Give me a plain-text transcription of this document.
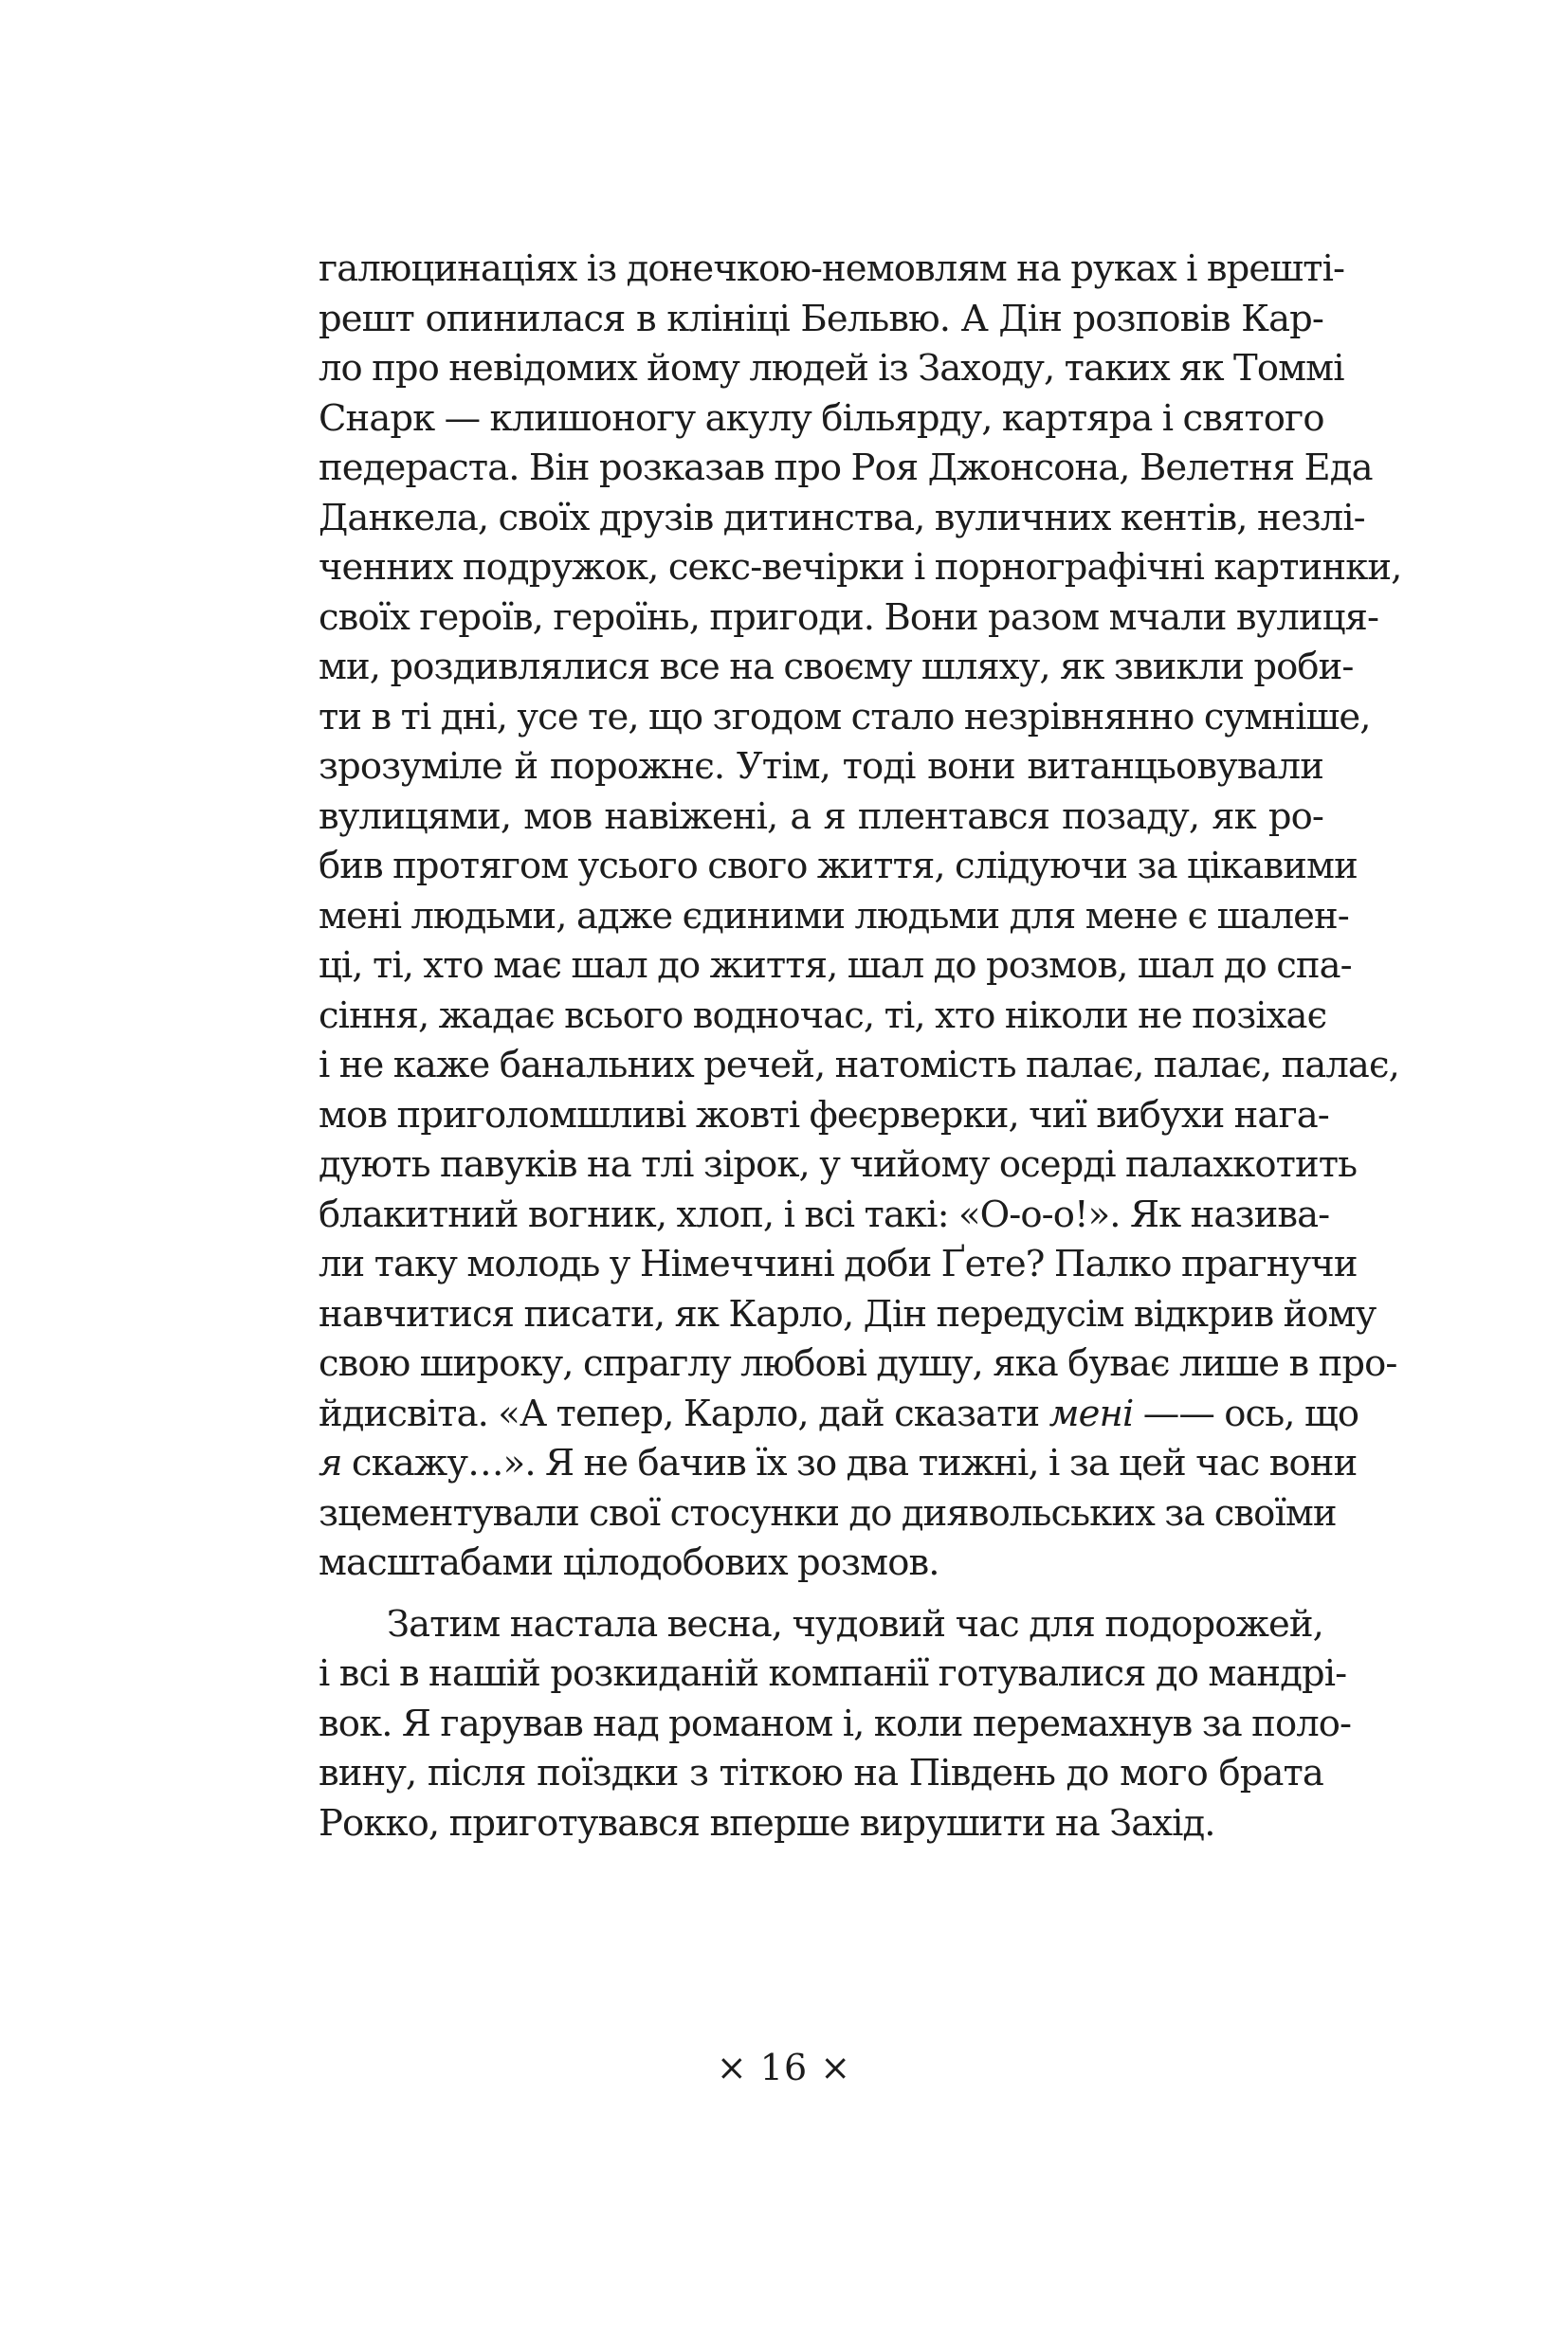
галюцинаціях із донечкою-немовлям на руках і врешті-
решт опинилася в клініці Бельвю. А Дін розповів Кар-
ло про невідомих йому людей із Заходу, таких як Томмі
Снарк — клишоногу акулу більярду, картяра і святого
педераста. Він розказав про Роя Джонсона, Велетня Еда
Данкела, своїх друзів дитинства, вуличних кентів, незлі-
ченних подружок, секс-вечірки і порнографічні картинки,
своїх героїв, героїнь, пригоди. Вони разом мчали вулиця-
ми, роздивлялися все на своєму шляху, як звикли роби-
ти в ті дні, усе те, що згодом стало незрівнянно сумніше,
зрозуміле й порожнє. Утім, тоді вони витанцьовували
вулицями, мов навіжені, а я плентався позаду, як ро-
бив протягом усього свого життя, слідуючи за цікавими
мені людьми, адже єдиними людьми для мене є шален-
ці, ті, хто має шал до життя, шал до розмов, шал до спа-
сіння, жадає всього водночас, ті, хто ніколи не позіхає
і не каже банальних речей, натомість палає, палає, палає,
мов приголомшливі жовті феєрверки, чиї вибухи нага-
дують павуків на тлі зірок, у чийому осерді палахкотить
блакитний вогник, хлоп, і всі такі: «О-о-о!». Як назива-
ли таку молодь у Німеччині доби Ґете? Палко прагнучи
навчитися писати, як Карло, Дін передусім відкрив йому
свою широку, спраглу любові душу, яка буває лише в про-
йдисвіта. «А тепер, Карло, дай сказати мені —— ось, що
я скажу…». Я не бачив їх зо два тижні, і за цей час вони
зцементували свої стосунки до диявольських за своїми
масштабами цілодобових розмов.
Затим настала весна, чудовий час для подорожей,
і всі в нашій розкиданій компанії готувалися до мандрі-
вок. Я гарував над романом і, коли перемахнув за поло-
вину, після поїздки з тіткою на Південь до мого брата
Рокко, приготувався вперше вирушити на Захід.
× 16 ×
